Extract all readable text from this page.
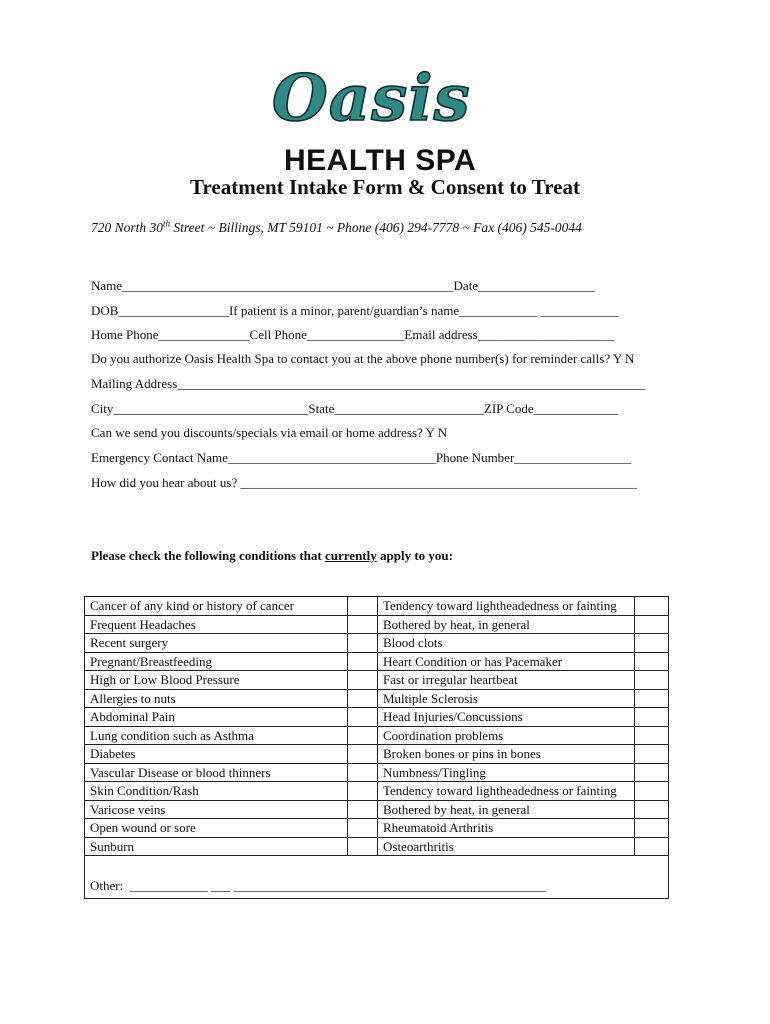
Oasis
HEALTH SPA
Treatment Intake Form & Consent to Treat
720 North 30th Street ~ Billings, MT 59101 ~ Phone (406) 294-7778 ~ Fax (406) 545-0044
Name___________________________________________________Date__________________
DOB_________________If patient is a minor, parent/guardian’s name____________ ____________
Home Phone______________Cell Phone_______________Email address_____________________
Do you authorize Oasis Health Spa to contact you at the above phone number(s) for reminder calls? Y N
Mailing Address________________________________________________________________________
City______________________________State_______________________ZIP Code_____________
Can we send you discounts/specials via email or home address? Y N
Emergency Contact Name________________________________Phone Number__________________
How did you hear about us? _____________________________________________________________
Please check the following conditions that currently apply to you:
Cancer of any kind or history of cancer		Tendency toward lightheadedness or fainting	
Frequent Headaches		Bothered by heat, in general	
Recent surgery		Blood clots	
Pregnant/Breastfeeding		Heart Condition or has Pacemaker	
High or Low Blood Pressure		Fast or irregular heartbeat	
Allergies to nuts		Multiple Sclerosis	
Abdominal Pain		Head Injuries/Concussions	
Lung condition such as Asthma		Coordination problems	
Diabetes		Broken bones or pins in bones	
Vascular Disease or blood thinners		Numbness/Tingling	
Skin Condition/Rash		Tendency toward lightheadedness or fainting	
Varicose veins		Bothered by heat, in general	
Open wound or sore		Rheumatoid Arthritis	
Sunburn		Osteoarthritis	
Other: ____________ ___ ________________________________________________			
